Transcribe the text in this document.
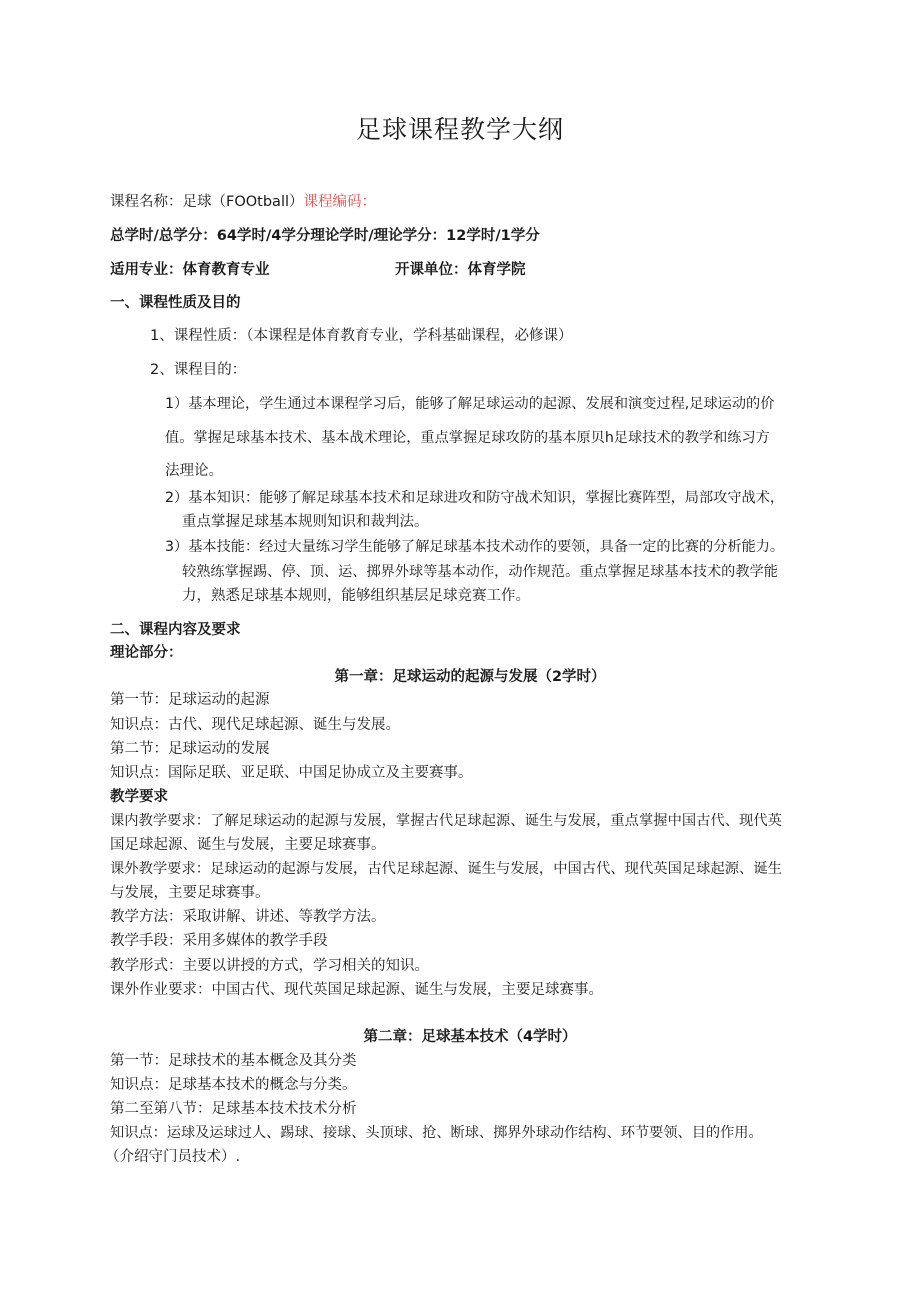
足球课程教学大纲
课程名称：足球（FOOtball）课程编码：
总学时/总学分：64学时/4学分理论学时/理论学分：12学时/1学分
适用专业：体育教育专业	开课单位：体育学院
一、课程性质及目的
1、课程性质：（本课程是体育教育专业，学科基础课程，必修课）
2、课程目的：
1）基本理论，学生通过本课程学习后，能够了解足球运动的起源、发展和演变过程,足球运动的价
值。掌握足球基本技术、基本战术理论，重点掌握足球攻防的基本原贝h足球技术的教学和练习方
法理论。
2）基本知识：能够了解足球基本技术和足球进攻和防守战术知识，掌握比赛阵型，局部攻守战术，
重点掌握足球基本规则知识和裁判法。
3）基本技能：经过大量练习学生能够了解足球基本技术动作的要领，具备一定的比赛的分析能力。
较熟练掌握踢、停、顶、运、掷界外球等基本动作，动作规范。重点掌握足球基本技术的教学能
力，熟悉足球基本规则，能够组织基层足球竞赛工作。
二、课程内容及要求
理论部分：
第一章：足球运动的起源与发展（2学时）
第一节：足球运动的起源
知识点：古代、现代足球起源、诞生与发展。
第二节：足球运动的发展
知识点：国际足联、亚足联、中国足协成立及主要赛事。
教学要求
课内教学要求：了解足球运动的起源与发展，掌握古代足球起源、诞生与发展，重点掌握中国古代、现代英
国足球起源、诞生与发展，主要足球赛事。
课外教学要求：足球运动的起源与发展，古代足球起源、诞生与发展，中国古代、现代英国足球起源、诞生
与发展，主要足球赛事。
教学方法：采取讲解、讲述、等教学方法。
教学手段：采用多媒体的教学手段
教学形式：主要以讲授的方式，学习相关的知识。
课外作业要求：中国古代、现代英国足球起源、诞生与发展，主要足球赛事。
第二章：足球基本技术（4学时）
第一节：足球技术的基本概念及其分类
知识点：足球基本技术的概念与分类。
第二至第八节：足球基本技术技术分析
知识点：运球及运球过人、踢球、接球、头顶球、抢、断球、掷界外球动作结构、环节要领、目的作用。
（介绍守门员技术）.
